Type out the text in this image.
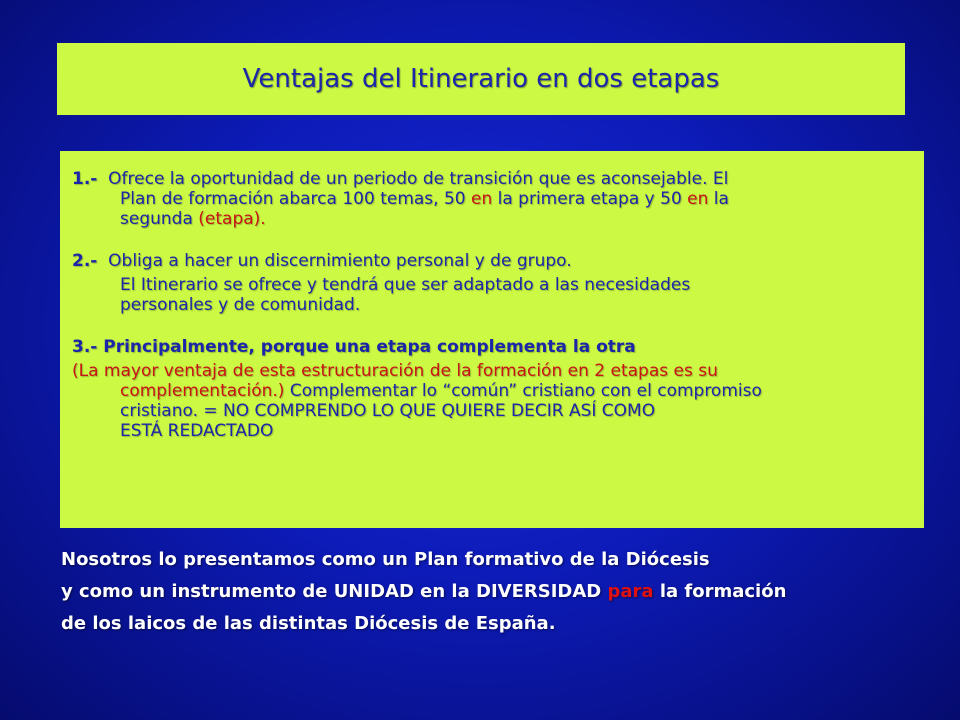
Ventajas del Itinerario en dos etapas
1.- Ofrece la oportunidad de un periodo de transición que es aconsejable. El
Plan de formación abarca 100 temas, 50 en la primera etapa y 50 en la
segunda (etapa).
2.- Obliga a hacer un discernimiento personal y de grupo.
El Itinerario se ofrece y tendrá que ser adaptado a las necesidades
personales y de comunidad.
3.- Principalmente, porque una etapa complementa la otra
(La mayor ventaja de esta estructuración de la formación en 2 etapas es su
complementación.) Complementar lo “común” cristiano con el compromiso
cristiano. = NO COMPRENDO LO QUE QUIERE DECIR ASÍ COMO
ESTÁ REDACTADO
Nosotros lo presentamos como un Plan formativo de la Diócesis
y como un instrumento de UNIDAD en la DIVERSIDAD para la formación
de los laicos de las distintas Diócesis de España.
